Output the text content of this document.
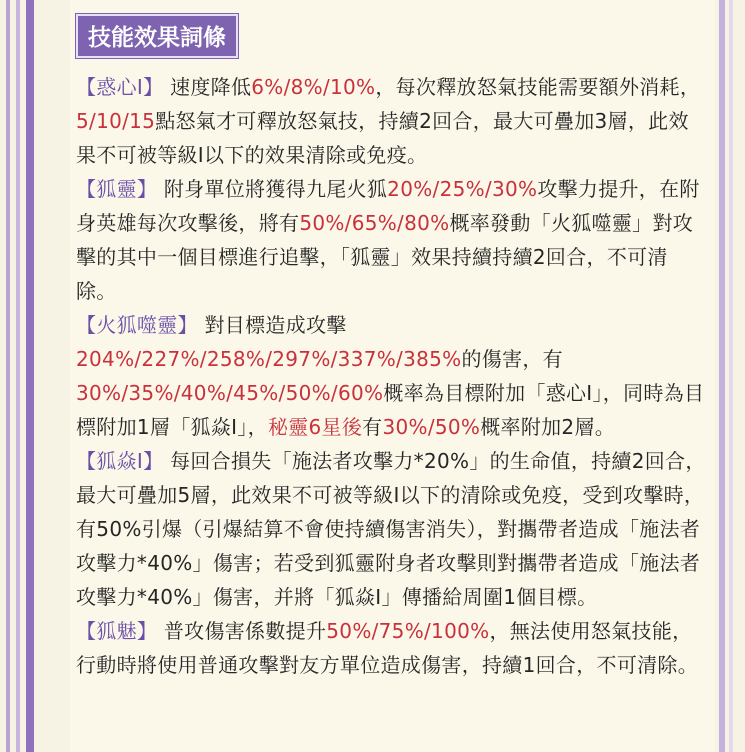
技能效果詞條

【惑心Ⅰ】 速度降低6%/8%/10%，每次釋放怒氣技能需要額外消耗，5/10/15點怒氣才可釋放怒氣技，持續2回合，最大可疊加3層，此效果不可被等級Ⅰ以下的效果清除或免疫。

【狐靈】 附身單位將獲得九尾火狐20%/25%/30%攻擊力提升，在附身英雄每次攻擊後，將有50%/65%/80%概率發動「火狐噬靈」對攻擊的其中一個目標進行追擊，「狐靈」效果持續持續2回合，不可清除。

【火狐噬靈】 對目標造成攻擊204%/227%/258%/297%/337%/385%的傷害，有30%/35%/40%/45%/50%/60%概率為目標附加「惑心Ⅰ」，同時為目標附加1層「狐焱Ⅰ」，秘靈6星後有30%/50%概率附加2層。

【狐焱Ⅰ】 每回合損失「施法者攻擊力*20%」的生命值，持續2回合，最大可疊加5層，此效果不可被等級Ⅰ以下的清除或免疫，受到攻擊時，有50%引爆（引爆結算不會使持續傷害消失），對攜帶者造成「施法者攻擊力*40%」傷害；若受到狐靈附身者攻擊則對攜帶者造成「施法者攻擊力*40%」傷害，并將「狐焱Ⅰ」傳播給周圍1個目標。

【狐魅】 普攻傷害係數提升50%/75%/100%，無法使用怒氣技能，行動時將使用普通攻擊對友方單位造成傷害，持續1回合，不可清除。
